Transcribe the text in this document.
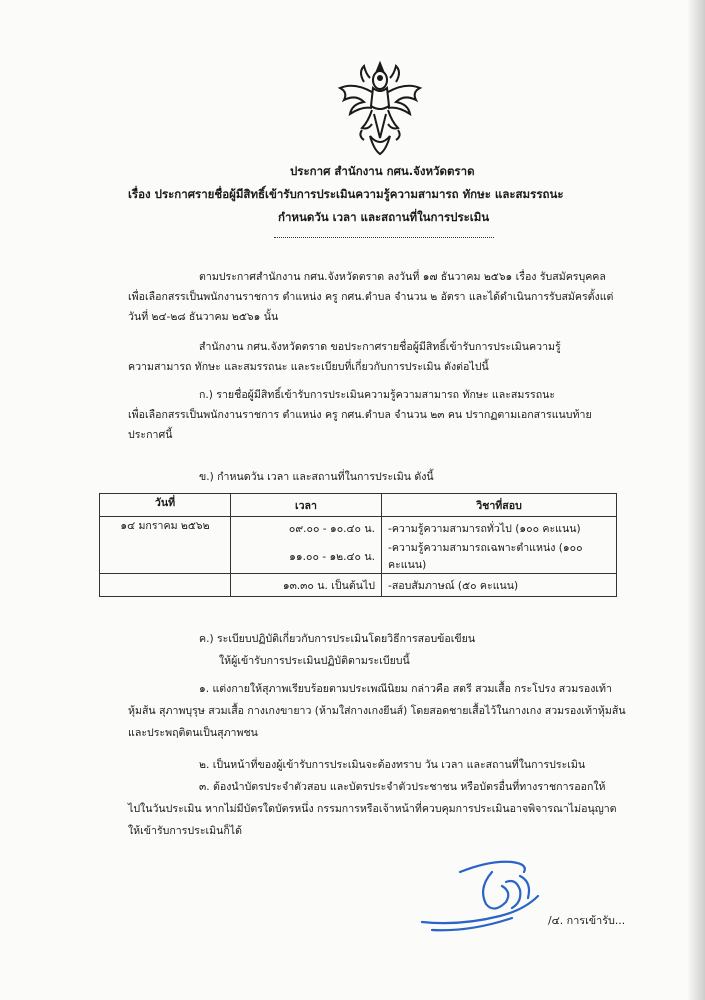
ประกาศ สำนักงาน กศน.จังหวัดตราด
เรื่อง ประกาศรายชื่อผู้มีสิทธิ์เข้ารับการประเมินความรู้ความสามารถ ทักษะ และสมรรถนะ
กำหนดวัน เวลา และสถานที่ในการประเมิน
ตามประกาศสำนักงาน กศน.จังหวัดตราด ลงวันที่ ๑๗ ธันวาคม ๒๕๖๑ เรื่อง รับสมัครบุคคล
เพื่อเลือกสรรเป็นพนักงานราชการ ตำแหน่ง ครู กศน.ตำบล จำนวน ๒ อัตรา และได้ดำเนินการรับสมัครตั้งแต่
วันที่ ๒๔-๒๘ ธันวาคม ๒๕๖๑ นั้น
สำนักงาน กศน.จังหวัดตราด ขอประกาศรายชื่อผู้มีสิทธิ์เข้ารับการประเมินความรู้
ความสามารถ ทักษะ และสมรรถนะ และระเบียบที่เกี่ยวกับการประเมิน ดังต่อไปนี้
ก.) รายชื่อผู้มีสิทธิ์เข้ารับการประเมินความรู้ความสามารถ ทักษะ และสมรรถนะ
เพื่อเลือกสรรเป็นพนักงานราชการ ตำแหน่ง ครู กศน.ตำบล จำนวน ๒๓ คน ปรากฏตามเอกสารแนบท้าย
ประกาศนี้
ข.) กำหนดวัน เวลา และสถานที่ในการประเมิน ดังนี้
วันที่	เวลา	วิชาที่สอบ
๑๔ มกราคม ๒๕๖๒	๐๙.๐๐ - ๑๐.๔๐ น.	-ความรู้ความสามารถทั่วไป (๑๐๐ คะแนน)
	๑๑.๐๐ - ๑๒.๔๐ น.	-ความรู้ความสามารถเฉพาะตำแหน่ง (๑๐๐ คะแนน)
	๑๓.๓๐ น. เป็นต้นไป	-สอบสัมภาษณ์ (๕๐ คะแนน)
ค.) ระเบียบปฏิบัติเกี่ยวกับการประเมินโดยวิธีการสอบข้อเขียน
ให้ผู้เข้ารับการประเมินปฏิบัติตามระเบียบนี้
๑. แต่งกายให้สุภาพเรียบร้อยตามประเพณีนิยม กล่าวคือ สตรี สวมเสื้อ กระโปรง สวมรองเท้า
หุ้มส้น สุภาพบุรุษ สวมเสื้อ กางเกงขายาว (ห้ามใส่กางเกงยีนส์) โดยสอดชายเสื้อไว้ในกางเกง สวมรองเท้าหุ้มส้น
และประพฤติตนเป็นสุภาพชน
๒. เป็นหน้าที่ของผู้เข้ารับการประเมินจะต้องทราบ วัน เวลา และสถานที่ในการประเมิน
๓. ต้องนำบัตรประจำตัวสอบ และบัตรประจำตัวประชาชน หรือบัตรอื่นที่ทางราชการออกให้
ไปในวันประเมิน หากไม่มีบัตรใดบัตรหนึ่ง กรรมการหรือเจ้าหน้าที่ควบคุมการประเมินอาจพิจารณาไม่อนุญาต
ให้เข้ารับการประเมินก็ได้
/๔. การเข้ารับ...
